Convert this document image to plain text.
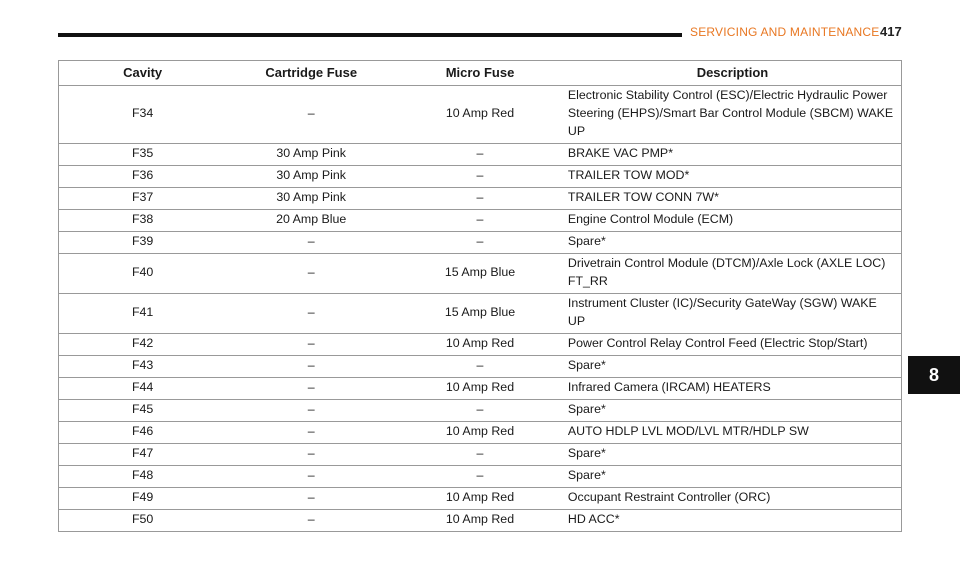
SERVICING AND MAINTENANCE 417
8
Cavity	Cartridge Fuse	Micro Fuse	Description
F34	–	10 Amp Red	Electronic Stability Control (ESC)/Electric Hydraulic Power Steering (EHPS)/Smart Bar Control Module (SBCM) WAKE UP
F35	30 Amp Pink	–	BRAKE VAC PMP*
F36	30 Amp Pink	–	TRAILER TOW MOD*
F37	30 Amp Pink	–	TRAILER TOW CONN 7W*
F38	20 Amp Blue	–	Engine Control Module (ECM)
F39	–	–	Spare*
F40	–	15 Amp Blue	Drivetrain Control Module (DTCM)/Axle Lock (AXLE LOC) FT_RR
F41	–	15 Amp Blue	Instrument Cluster (IC)/Security GateWay (SGW) WAKE UP
F42	–	10 Amp Red	Power Control Relay Control Feed (Electric Stop/Start)
F43	–	–	Spare*
F44	–	10 Amp Red	Infrared Camera (IRCAM) HEATERS
F45	–	–	Spare*
F46	–	10 Amp Red	AUTO HDLP LVL MOD/LVL MTR/HDLP SW
F47	–	–	Spare*
F48	–	–	Spare*
F49	–	10 Amp Red	Occupant Restraint Controller (ORC)
F50	–	10 Amp Red	HD ACC*
